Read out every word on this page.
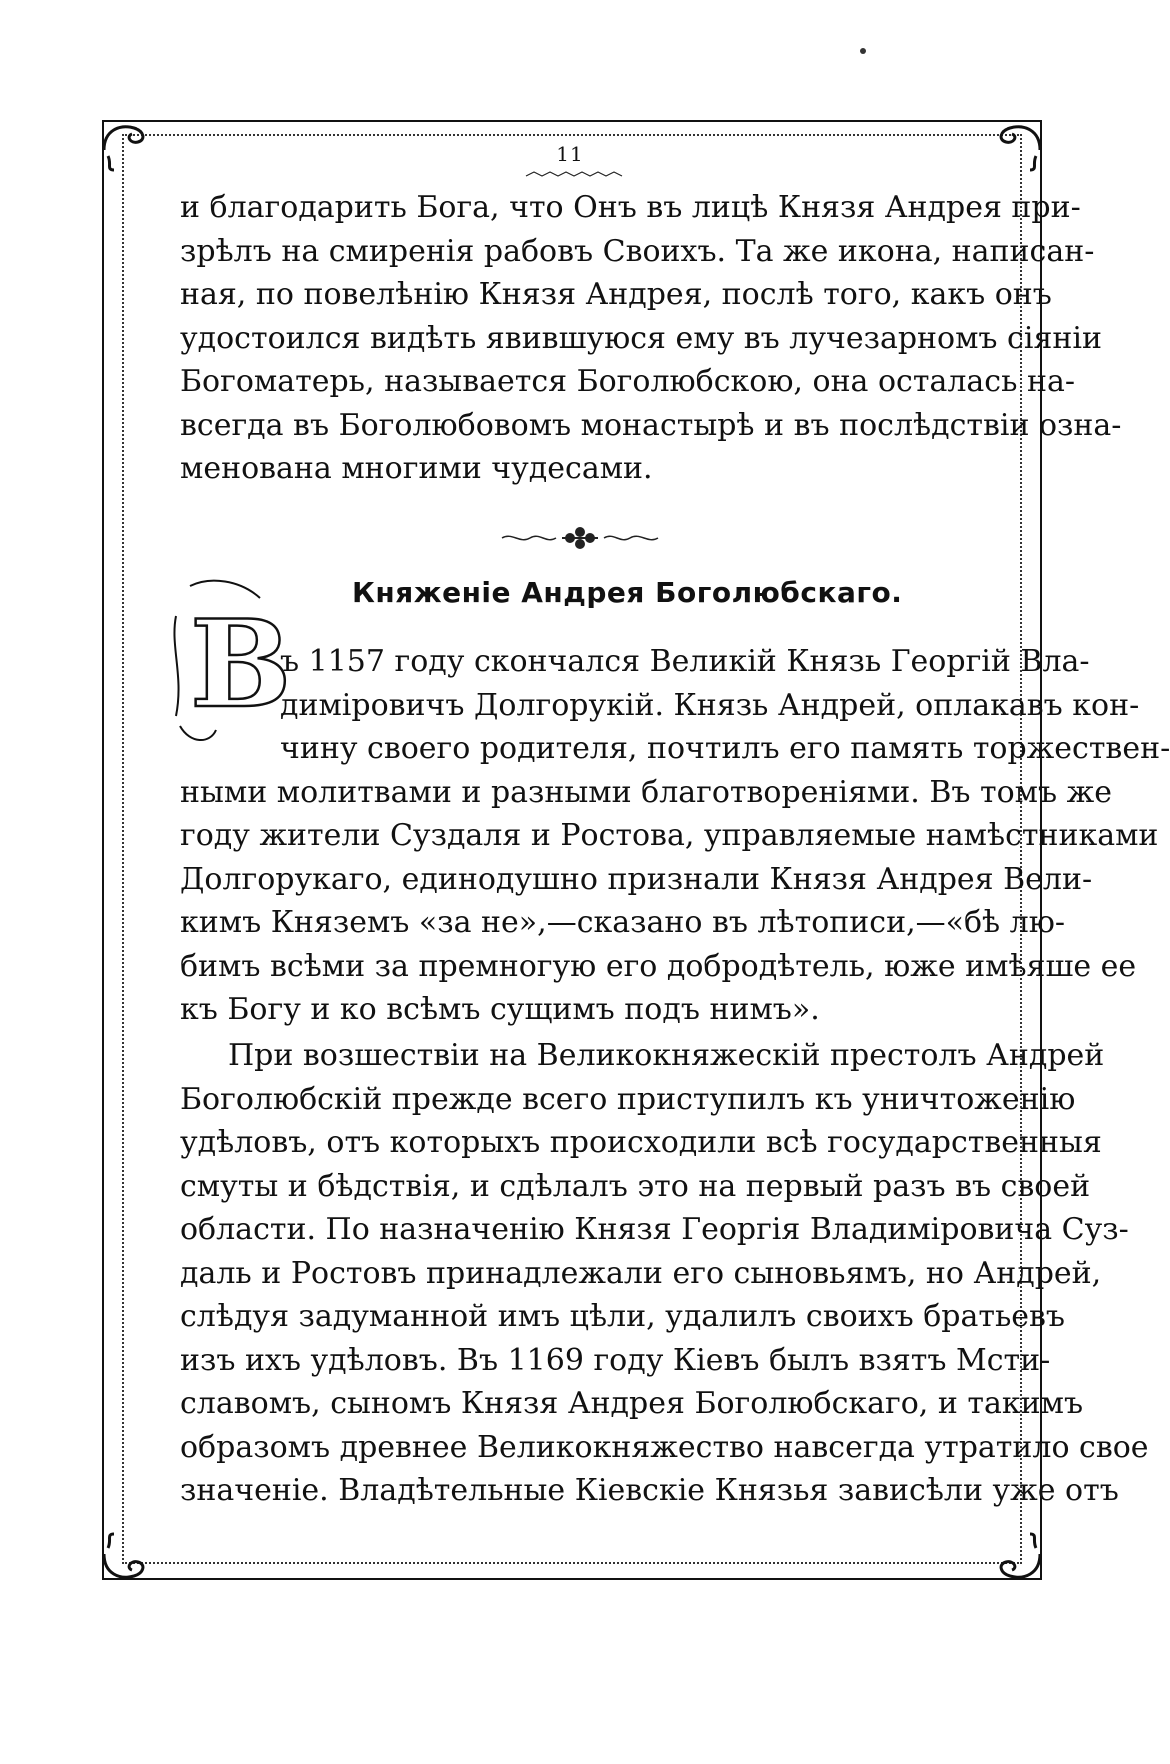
11
и благодарить Бога, что Онъ въ лицѣ Князя Андрея при-
зрѣлъ на смиренія рабовъ Своихъ. Та же икона, написан-
ная, по повелѣнію Князя Андрея, послѣ того, какъ онъ
удостоился видѣть явившуюся ему въ лучезарномъ сіяніи
Богоматерь, называется Боголюбскою, она осталась на-
всегда въ Боголюбовомъ монастырѣ и въ послѣдствіи озна-
менована многими чудесами.
Княженіе Андрея Боголюбскаго.
В
ъ 1157 году скончался Великій Князь Георгій Вла-
диміровичъ Долгорукій. Князь Андрей, оплакавъ кон-
чину своего родителя, почтилъ его память торжествен-
ными молитвами и разными благотвореніями. Въ томъ же
году жители Суздаля и Ростова, управляемые намѣстниками
Долгорукаго, единодушно признали Князя Андрея Вели-
кимъ Княземъ «за не»,—сказано въ лѣтописи,—«бѣ лю-
бимъ всѣми за премногую его добродѣтель, юже имѣяше ее
къ Богу и ко всѣмъ сущимъ подъ нимъ».
При возшествіи на Великокняжескій престолъ Андрей
Боголюбскій прежде всего приступилъ къ уничтоженію
удѣловъ, отъ которыхъ происходили всѣ государственныя
смуты и бѣдствія, и сдѣлалъ это на первый разъ въ своей
области. По назначенію Князя Георгія Владиміровича Суз-
даль и Ростовъ принадлежали его сыновьямъ, но Андрей,
слѣдуя задуманной имъ цѣли, удалилъ своихъ братьевъ
изъ ихъ удѣловъ. Въ 1169 году Кіевъ былъ взятъ Мсти-
славомъ, сыномъ Князя Андрея Боголюбскаго, и такимъ
образомъ древнее Великокняжество навсегда утратило свое
значеніе. Владѣтельные Кіевскіе Князья зависѣли уже отъ
